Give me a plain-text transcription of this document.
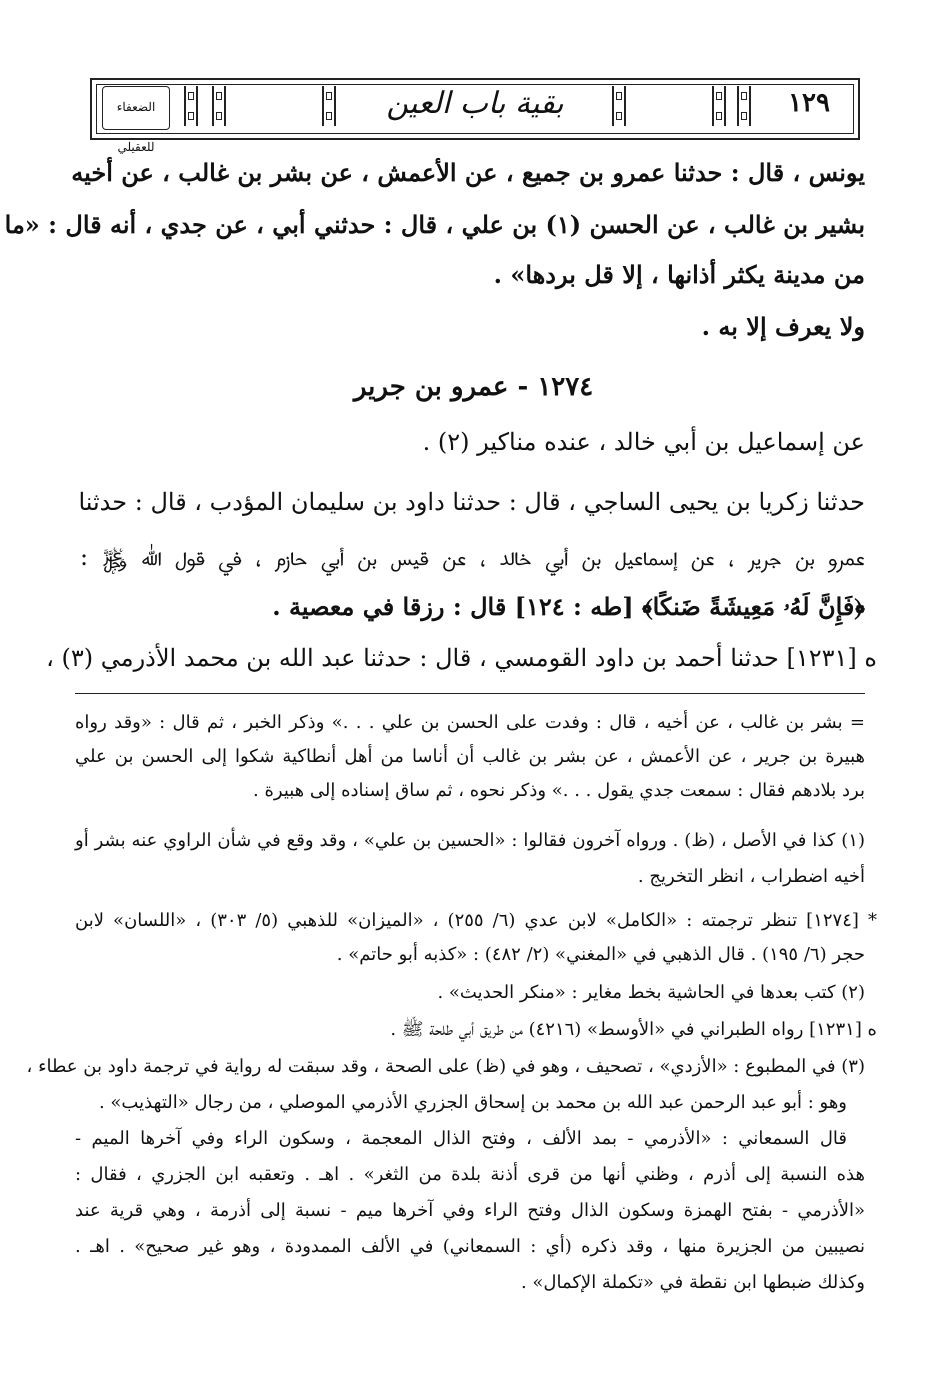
الضعفاء للعقيلي
بقية باب العين	١٢٩
يونس ، قال : حدثنا عمرو بن جميع ، عن الأعمش ، عن بشر بن غالب ، عن أخيه
بشير بن غالب ، عن الحسن (١) بن علي ، قال : حدثني أبي ، عن جدي ، أنه قال : «ما
من مدينة يكثر أذانها ، إلا قل بردها» .
ولا يعرف إلا به .
١٢٧٤ - عمرو بن جرير
عن إسماعيل بن أبي خالد ، عنده مناكير (٢) .
حدثنا زكريا بن يحيى الساجي ، قال : حدثنا داود بن سليمان المؤدب ، قال : حدثنا
عمرو بن جرير ، عن إسماعيل بن أبي خالد ، عن قيس بن أبي حازم ، في قول الله ﷿ :
﴿فَإِنَّ لَهُۥ مَعِيشَةً ضَنكًا﴾ [طه : ١٢٤] قال : رزقا في معصية .
ه [١٢٣١] حدثنا أحمد بن داود القومسي ، قال : حدثنا عبد الله بن محمد الأذرمي (٣) ،
= بشر بن غالب ، عن أخيه ، قال : وفدت على الحسن بن علي . . .» وذكر الخبر ، ثم قال : «وقد رواه
هبيرة بن جرير ، عن الأعمش ، عن بشر بن غالب أن أناسا من أهل أنطاكية شكوا إلى الحسن بن علي
برد بلادهم فقال : سمعت جدي يقول . . .» وذكر نحوه ، ثم ساق إسناده إلى هبيرة .
(١) كذا في الأصل ، (ظ) . ورواه آخرون فقالوا : «الحسين بن علي» ، وقد وقع في شأن الراوي عنه بشر أو
أخيه اضطراب ، انظر التخريج .
* [١٢٧٤] تنظر ترجمته : «الكامل» لابن عدي (٦/ ٢٥٥) ، «الميزان» للذهبي (٥/ ٣٠٣) ، «اللسان» لابن
حجر (٦/ ١٩٥) . قال الذهبي في «المغني» (٢/ ٤٨٢) : «كذبه أبو حاتم» .
(٢) كتب بعدها في الحاشية بخط مغاير : «منكر الحديث» .
ه [١٢٣١] رواه الطبراني في «الأوسط» (٤٢١٦) من طريق أبي طلحة ﷺ .
(٣) في المطبوع : «الأزدي» ، تصحيف ، وهو في (ظ) على الصحة ، وقد سبقت له رواية في ترجمة داود بن عطاء ،
وهو : أبو عبد الرحمن عبد الله بن محمد بن إسحاق الجزري الأذرمي الموصلي ، من رجال «التهذيب» .
قال السمعاني : «الأذرمي - بمد الألف ، وفتح الذال المعجمة ، وسكون الراء وفي آخرها الميم -
هذه النسبة إلى أذرم ، وظني أنها من قرى أذنة بلدة من الثغر» . اهـ . وتعقبه ابن الجزري ، فقال :
«الأذرمي - بفتح الهمزة وسكون الذال وفتح الراء وفي آخرها ميم - نسبة إلى أذرمة ، وهي قرية عند
نصيبين من الجزيرة منها ، وقد ذكره (أي : السمعاني) في الألف الممدودة ، وهو غير صحيح» . اهـ .
وكذلك ضبطها ابن نقطة في «تكملة الإكمال» .
